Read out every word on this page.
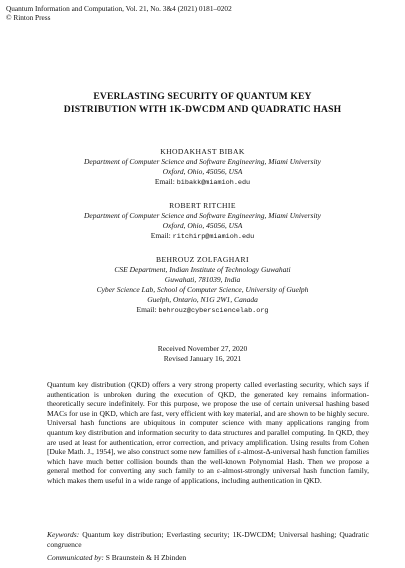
Quantum Information and Computation, Vol. 21, No. 3&4 (2021) 0181–0202
© Rinton Press
EVERLASTING SECURITY OF QUANTUM KEY
DISTRIBUTION WITH 1K-DWCDM AND QUADRATIC HASH
KHODAKHAST BIBAK
Department of Computer Science and Software Engineering, Miami University
Oxford, Ohio, 45056, USA
Email: bibakk@miamioh.edu
ROBERT RITCHIE
Department of Computer Science and Software Engineering, Miami University
Oxford, Ohio, 45056, USA
Email: ritchirp@miamioh.edu
BEHROUZ ZOLFAGHARI
CSE Department, Indian Institute of Technology Guwahati
Guwahati, 781039, India
Cyber Science Lab, School of Computer Science, University of Guelph
Guelph, Ontario, N1G 2W1, Canada
Email: behrouz@cybersciencelab.org
Received November 27, 2020
Revised January 16, 2021
Quantum key distribution (QKD) offers a very strong property called everlasting security, which says if authentication is unbroken during the execution of QKD, the generated key remains information-theoretically secure indefinitely. For this purpose, we propose the use of certain universal hashing based MACs for use in QKD, which are fast, very efficient with key material, and are shown to be highly secure. Universal hash functions are ubiquitous in computer science with many applications ranging from quantum key distribution and information security to data structures and parallel computing. In QKD, they are used at least for authentication, error correction, and privacy amplification. Using results from Cohen [Duke Math. J., 1954], we also construct some new families of ε-almost-Δ-universal hash function families which have much better collision bounds than the well-known Polynomial Hash. Then we propose a general method for converting any such family to an ε-almost-strongly universal hash function family, which makes them useful in a wide range of applications, including authentication in QKD.
Keywords: Quantum key distribution; Everlasting security; 1K-DWCDM; Universal hashing; Quadratic congruence
Communicated by: S Braunstein & H Zbinden
